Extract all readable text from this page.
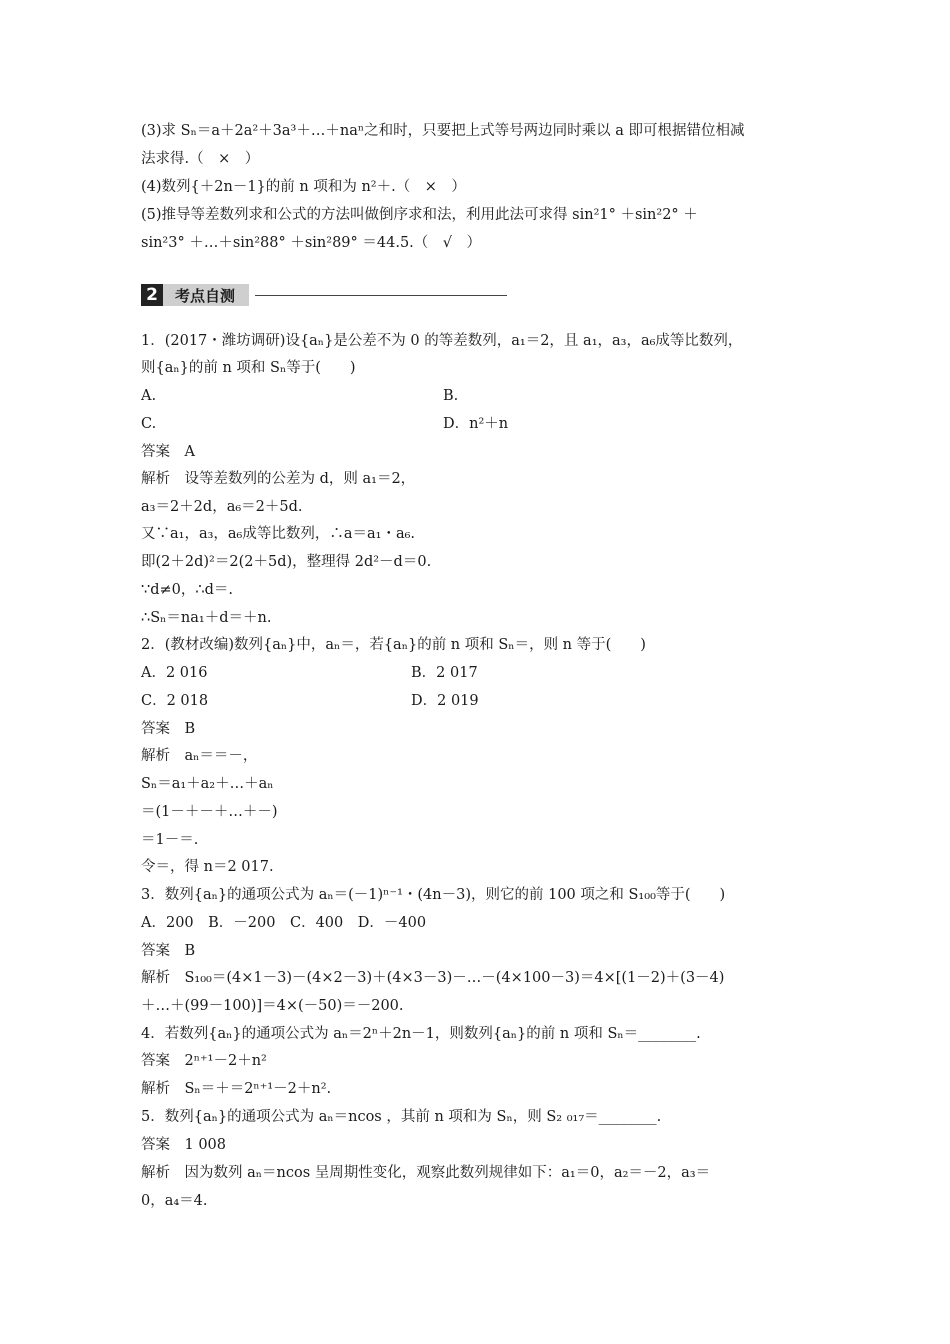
(3)求 Sₙ＝a＋2a²＋3a³＋…＋naⁿ之和时，只要把上式等号两边同时乘以 a 即可根据错位相减
法求得.（　×　）
(4)数列{＋2n－1}的前 n 项和为 n²＋.（　×　）
(5)推导等差数列求和公式的方法叫做倒序求和法，利用此法可求得 sin²1° ＋sin²2° ＋
sin²3° ＋…＋sin²88° ＋sin²89° ＝44.5.（　√　）
2	考点自测
1．(2017・潍坊调研)设{aₙ}是公差不为 0 的等差数列，a₁＝2，且 a₁，a₃，a₆成等比数列，
则{aₙ}的前 n 项和 Sₙ等于(　　)
A.	B.
C.	D．n²＋n
答案　A
解析　设等差数列的公差为 d，则 a₁＝2，
a₃＝2＋2d，a₆＝2＋5d.
又∵a₁，a₃，a₆成等比数列，∴a＝a₁・a₆.
即(2＋2d)²＝2(2＋5d)，整理得 2d²－d＝0.
∵d≠0，∴d＝.
∴Sₙ＝na₁＋d＝＋n.
2．(教材改编)数列{aₙ}中，aₙ＝，若{aₙ}的前 n 项和 Sₙ＝，则 n 等于(　　)
A．2 016	B．2 017
C．2 018	D．2 019
答案　B
解析　aₙ＝＝－，
Sₙ＝a₁＋a₂＋…＋aₙ
＝(1－＋－＋…＋－)
＝1－＝.
令＝，得 n＝2 017.
3．数列{aₙ}的通项公式为 aₙ＝(－1)ⁿ⁻¹・(4n－3)，则它的前 100 项之和 S₁₀₀等于(　　)
A．200　B．－200　C．400　D．－400
答案　B
解析　S₁₀₀＝(4×1－3)－(4×2－3)＋(4×3－3)－…－(4×100－3)＝4×[(1－2)＋(3－4)
＋…＋(99－100)]＝4×(－50)＝－200.
4．若数列{aₙ}的通项公式为 aₙ＝2ⁿ＋2n－1，则数列{aₙ}的前 n 项和 Sₙ＝________.
答案　2ⁿ⁺¹－2＋n²
解析　Sₙ＝＋＝2ⁿ⁺¹－2＋n².
5．数列{aₙ}的通项公式为 aₙ＝ncos ，其前 n 项和为 Sₙ，则 S₂ ₀₁₇＝________.
答案　1 008
解析　因为数列 aₙ＝ncos 呈周期性变化，观察此数列规律如下：a₁＝0，a₂＝－2，a₃＝
0，a₄＝4.
